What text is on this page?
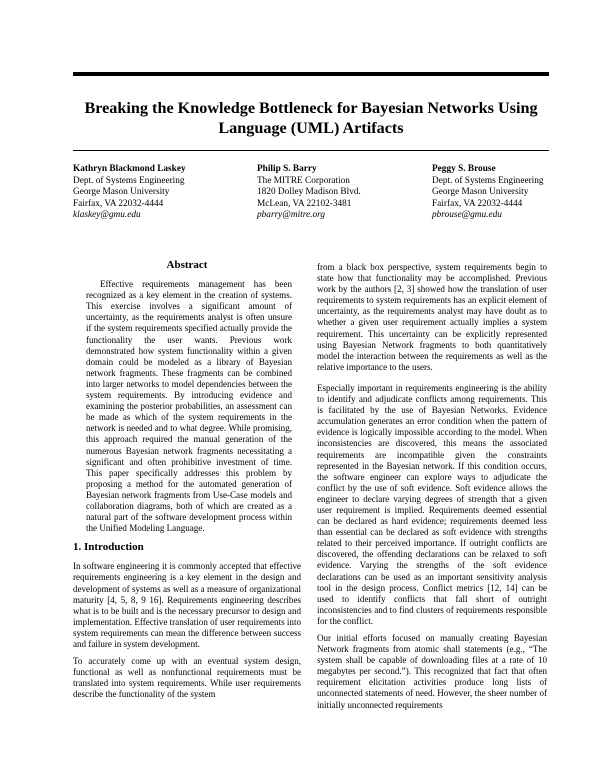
Breaking the Knowledge Bottleneck for Bayesian Networks Using Language (UML) Artifacts
Kathryn Blackmond Laskey
Dept. of Systems Engineering
George Mason University
Fairfax, VA 22032-4444
klaskey@gmu.edu
Philip S. Barry
The MITRE Corporation
1820 Dolley Madison Blvd.
McLean, VA 22102-3481
pbarry@mitre.org
Peggy S. Brouse
Dept. of Systems Engineering
George Mason University
Fairfax, VA 22032-4444
pbrouse@gmu.edu
Abstract

Effective requirements management has been recognized as a key element in the creation of systems. This exercise involves a significant amount of uncertainty, as the requirements analyst is often unsure if the system requirements specified actually provide the functionality the user wants. Previous work demonstrated how system functionality within a given domain could be modeled as a library of Bayesian network fragments. These fragments can be combined into larger networks to model dependencies between the system requirements. By introducing evidence and examining the posterior probabilities, an assessment can be made as which of the system requirements in the network is needed and to what degree. While promising, this approach required the manual generation of the numerous Bayesian network fragments necessitating a significant and often prohibitive investment of time. This paper specifically addresses this problem by proposing a method for the automated generation of Bayesian network fragments from Use-Case models and collaboration diagrams, both of which are created as a natural part of the software development process within the Unified Modeling Language.

1. Introduction

In software engineering it is commonly accepted that effective requirements engineering is a key element in the design and development of systems as well as a measure of organizational maturity [4, 5, 8, 9 16]. Requirements engineering describes what is to be built and is the necessary precursor to design and implementation. Effective translation of user requirements into system requirements can mean the difference between success and failure in system development.

To accurately come up with an eventual system design, functional as well as nonfunctional requirements must be translated into system requirements. While user requirements describe the functionality of the system

from a black box perspective, system requirements begin to state how that functionality may be accomplished. Previous work by the authors [2, 3] showed how the translation of user requirements to system requirements has an explicit element of uncertainty, as the requirements analyst may have doubt as to whether a given user requirement actually implies a system requirement. This uncertainty can be explicitly represented using Bayesian Network fragments to both quantitatively model the interaction between the requirements as well as the relative importance to the users.

Especially important in requirements engineering is the ability to identify and adjudicate conflicts among requirements. This is facilitated by the use of Bayesian Networks. Evidence accumulation generates an error condition when the pattern of evidence is logically impossible according to the model. When inconsistencies are discovered, this means the associated requirements are incompatible given the constraints represented in the Bayesian network. If this condition occurs, the software engineer can explore ways to adjudicate the conflict by the use of soft evidence. Soft evidence allows the engineer to declare varying degrees of strength that a given user requirement is implied. Requirements deemed essential can be declared as hard evidence; requirements deemed less than essential can be declared as soft evidence with strengths related to their perceived importance. If outright conflicts are discovered, the offending declarations can be relaxed to soft evidence. Varying the strengths of the soft evidence declarations can be used as an important sensitivity analysis tool in the design process. Conflict metrics [12, 14] can be used to identify conflicts that fall short of outright inconsistencies and to find clusters of requirements responsible for the conflict.

Our initial efforts focused on manually creating Bayesian Network fragments from atomic shall statements (e.g., “The system shall be capable of downloading files at a rate of 10 megabytes per second.”). This recognized that fact that often requirement elicitation activities produce long lists of unconnected statements of need. However, the sheer number of initially unconnected requirements
